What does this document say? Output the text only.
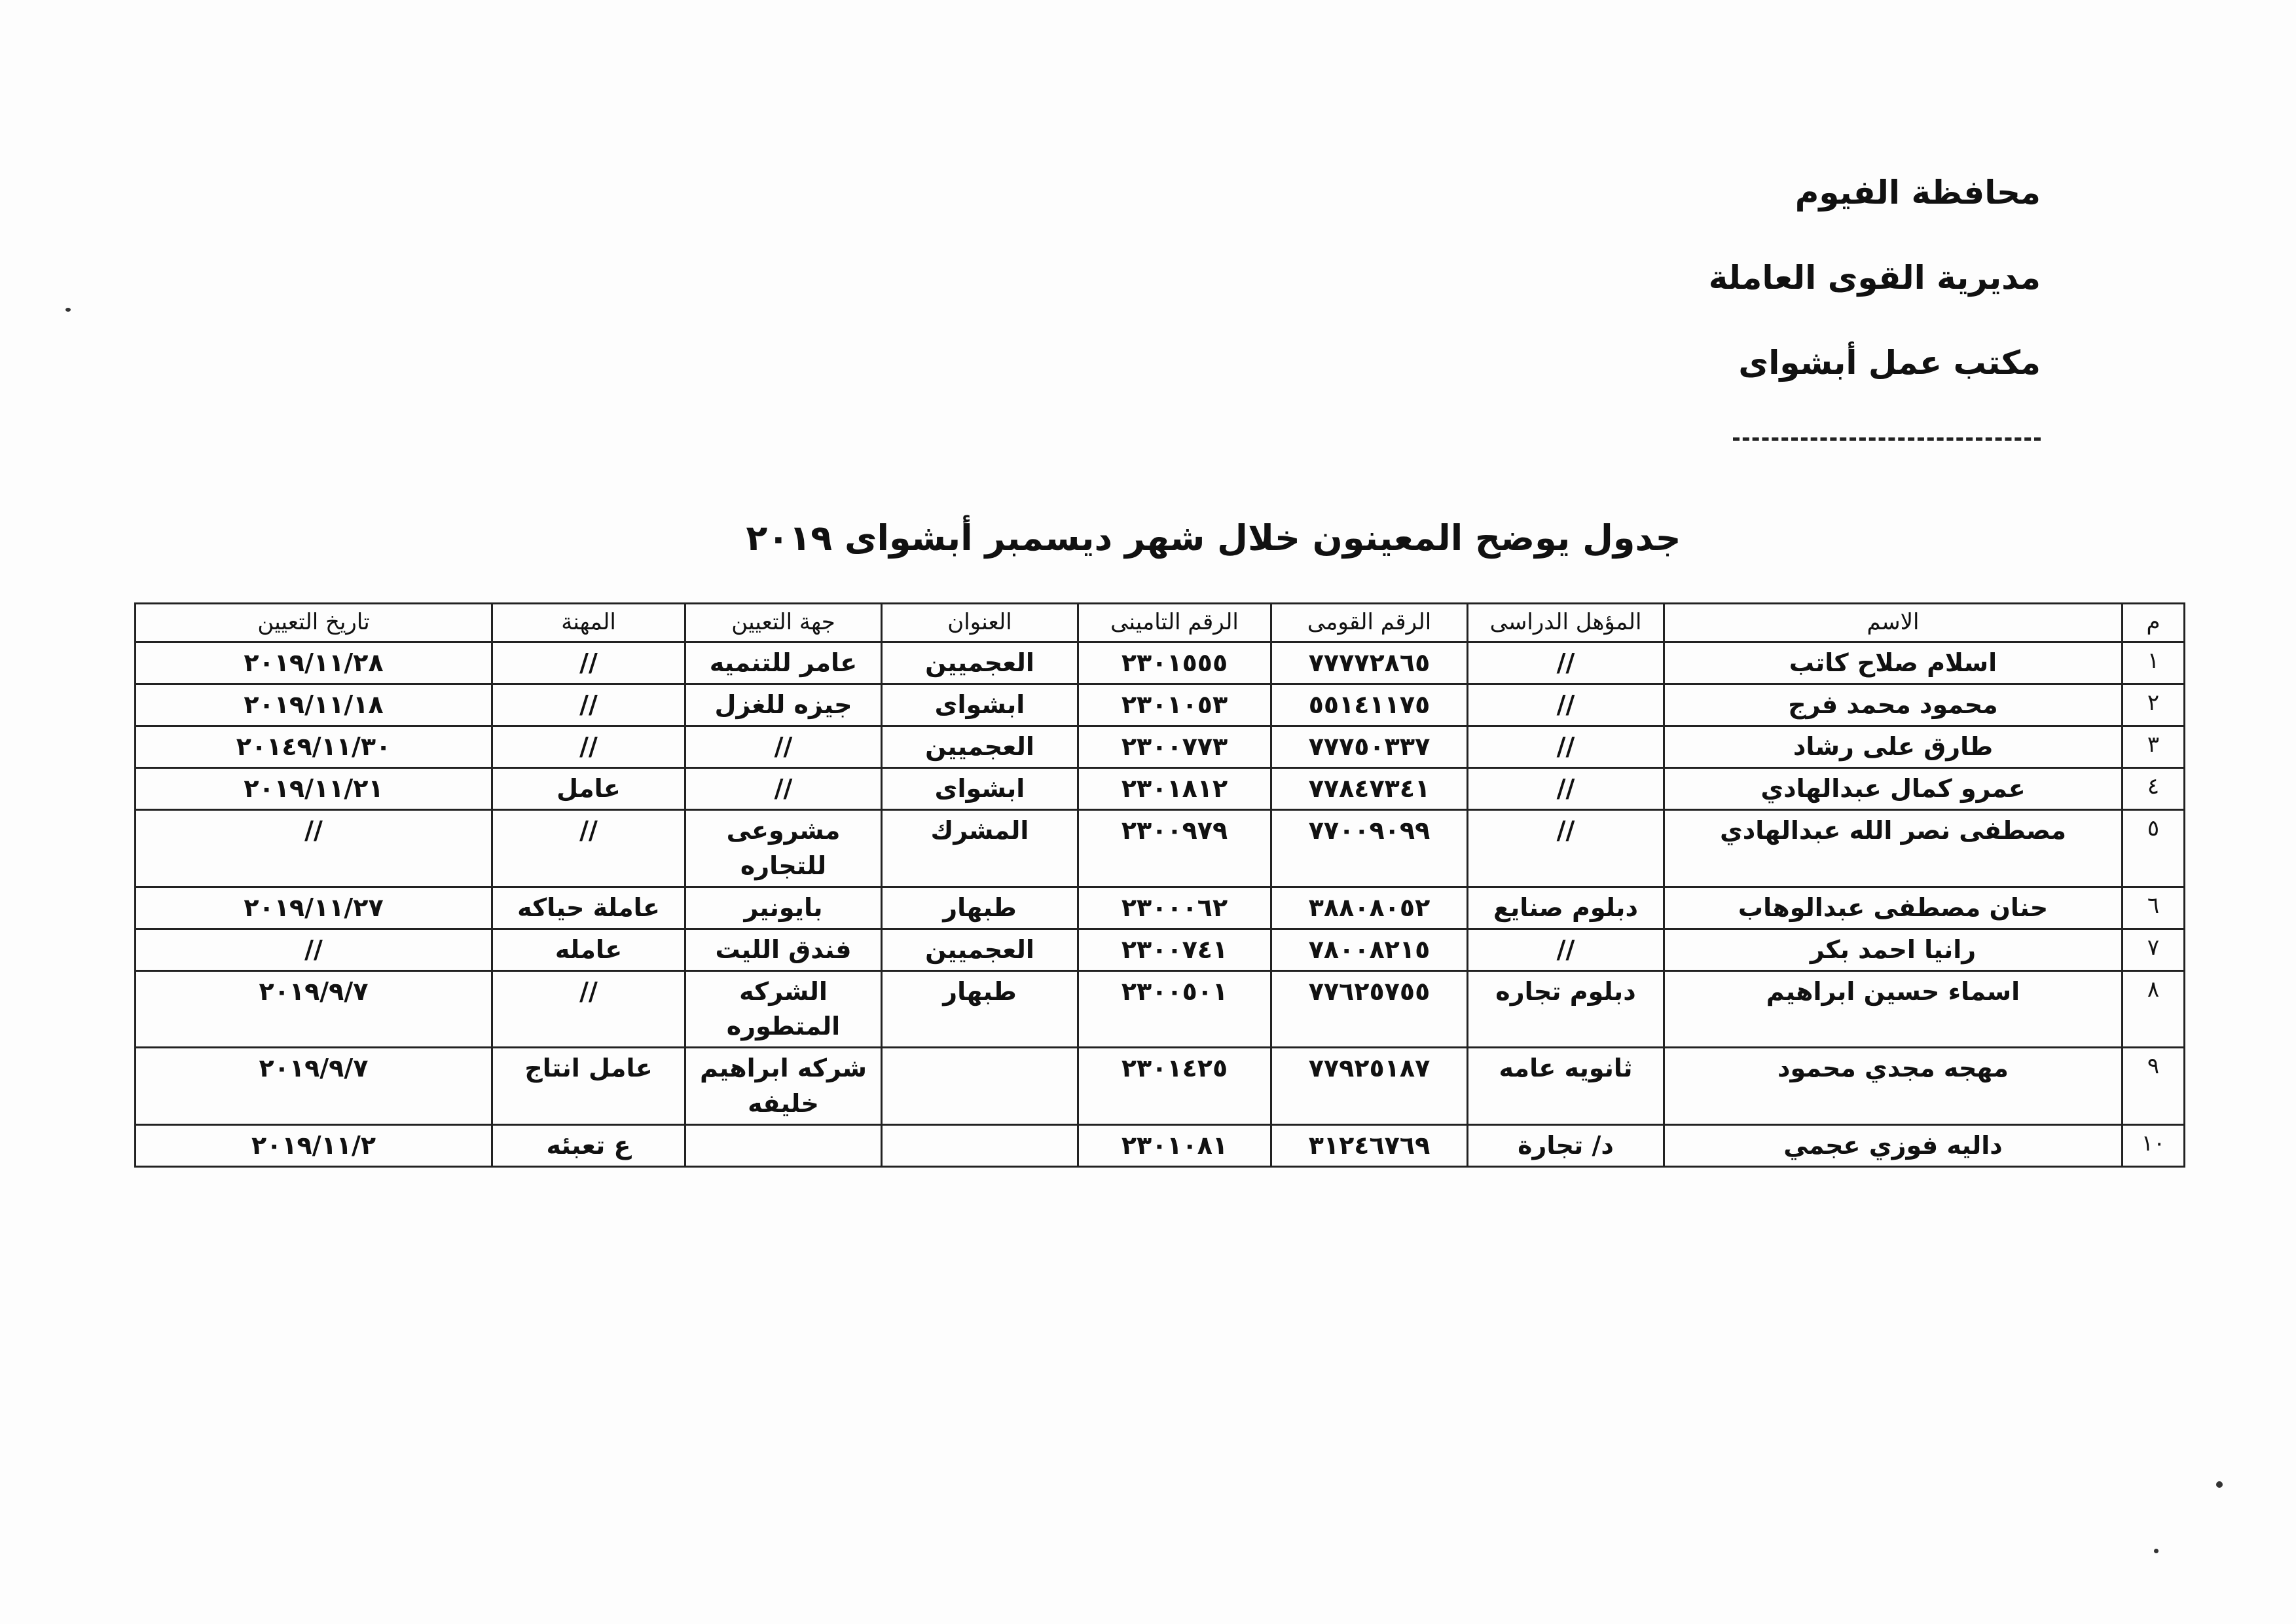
محافظة الفيوم
مديرية القوى العاملة
مكتب عمل أبشواى
جدول يوضح المعينون خلال شهر ديسمبر أبشواى ٢٠١٩
م	الاسم	المؤهل الدراسى	الرقم القومى	الرقم التامينى	العنوان	جهة التعيين	المهنة	تاريخ التعيين
١	اسلام صلاح كاتب	//	٧٧٧٧٢٨٦٥	٢٣٠١٥٥٥	العجميين	عامر للتنميه	//	٢٠١٩/١١/٢٨
٢	محمود محمد فرج	//	٥٥١٤١١٧٥	٢٣٠١٠٥٣	ابشواى	جيزه للغزل	//	٢٠١٩/١١/١٨
٣	طارق على رشاد	//	٧٧٧٥٠٣٣٧	٢٣٠٠٧٧٣	العجميين	//	//	٢٠١٤٩/١١/٣٠
٤	عمرو كمال عبدالهادي	//	٧٧٨٤٧٣٤١	٢٣٠١٨١٢	ابشواى	//	عامل	٢٠١٩/١١/٢١
٥	مصطفى نصر الله عبدالهادي	//	٧٧٠٠٩٠٩٩	٢٣٠٠٩٧٩	المشرك	مشروعى للتجاره	//	//
٦	حنان مصطفى عبدالوهاب	دبلوم صنايع	٣٨٨٠٨٠٥٢	٢٣٠٠٠٦٢	طبهار	بايونير	عاملة حياكه	٢٠١٩/١١/٢٧
٧	رانيا احمد بكر	//	٧٨٠٠٨٢١٥	٢٣٠٠٧٤١	العجميين	فندق الليت	عامله	//
٨	اسماء حسين ابراهيم	دبلوم تجاره	٧٧٦٢٥٧٥٥	٢٣٠٠٥٠١	طبهار	الشركه المتطوره	//	٢٠١٩/٩/٧
٩	مهجه مجدي محمود	ثانويه عامه	٧٧٩٢٥١٨٧	٢٣٠١٤٢٥		شركه ابراهيم خليفه	عامل انتاج	٢٠١٩/٩/٧
١٠	داليه فوزي عجمي	د/ تجارة	٣١٢٤٦٧٦٩	٢٣٠١٠٨١			ع تعبئه	٢٠١٩/١١/٢
